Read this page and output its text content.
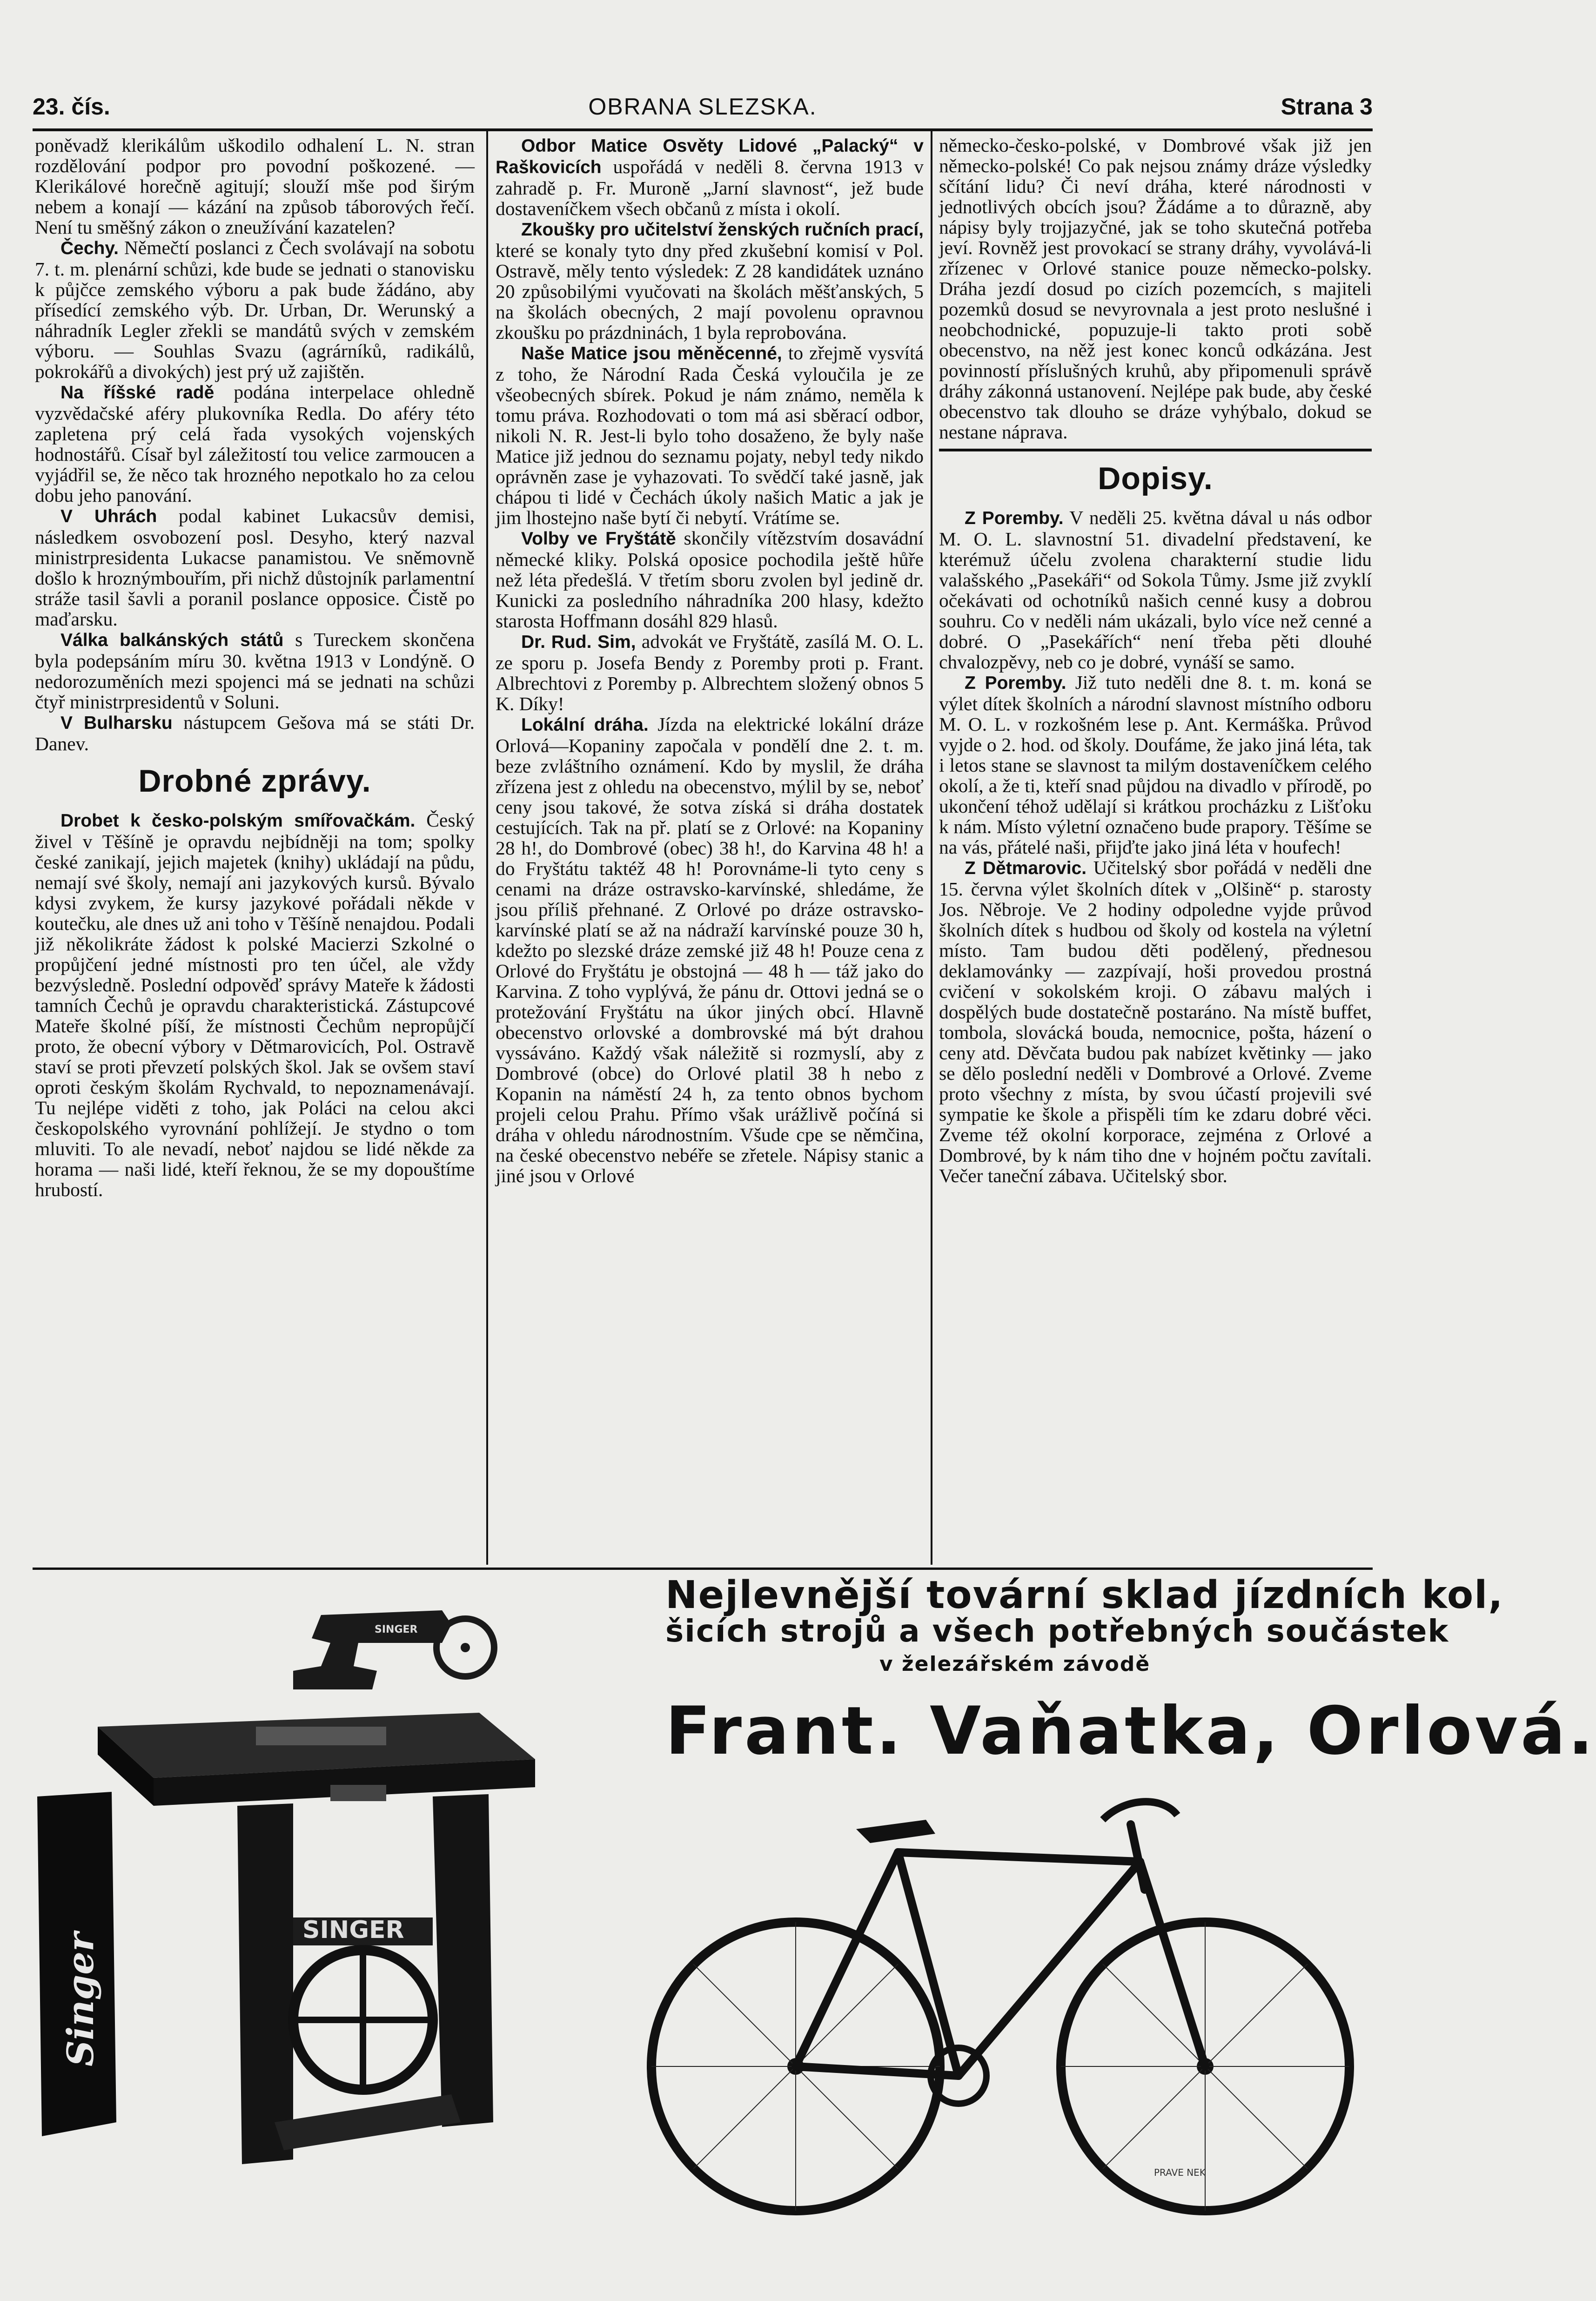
23. čís.	OBRANA SLEZSKA.	Strana 3

poněvadž klerikálům uškodilo odhalení L. N. stran rozdělování podpor pro povodní poškozené. — Klerikálové horečně agitují; slouží mše pod širým nebem a konají — kázání na způsob táborových řečí. Není tu směšný zákon o zneužívání kazatelen?

Čechy. Němečtí poslanci z Čech svolávají na sobotu 7. t. m. plenární schůzi, kde bude se jednati o stanovisku k půjčce zemského výboru a pak bude žádáno, aby přísedící zemského výb. Dr. Urban, Dr. Werunský a náhradník Legler zřekli se mandátů svých v zemském výboru. — Souhlas Svazu (agrárníků, radikálů, pokrokářů a divokých) jest prý už zajištěn.

Na říšské radě podána interpelace ohledně vyzvědačské aféry plukovníka Redla. Do aféry této zapletena prý celá řada vysokých vojenských hodnostářů. Císař byl záležitostí tou velice zarmoucen a vyjádřil se, že něco tak hrozného nepotkalo ho za celou dobu jeho panování.

V Uhrách podal kabinet Lukacsův demisi, následkem osvobození posl. Desyho, který nazval ministrpresidenta Lukacse panamistou. Ve sněmovně došlo k hroznýmbouřím, při nichž důstojník parlamentní stráže tasil šavli a poranil poslance opposice. Čistě po maďarsku.

Válka balkánských států s Tureckem skončena byla podepsáním míru 30. května 1913 v Londýně. O nedorozuměních mezi spojenci má se jednati na schůzi čtyř ministrpresidentů v Soluni.

V Bulharsku nástupcem Gešova má se státi Dr. Danev.

Drobné zprávy.

Drobet k česko-polským smířovačkám. Český živel v Těšíně je opravdu nejbídněji na tom; spolky české zanikají, jejich majetek (knihy) ukládají na půdu, nemají své školy, nemají ani jazykových kursů. Bývalo kdysi zvykem, že kursy jazykové pořádali někde v koutečku, ale dnes už ani toho v Těšíně nenajdou. Podali již několikráte žádost k polské Macierzi Szkolné o propůjčení jedné místnosti pro ten účel, ale vždy bezvýsledně. Poslední odpověď správy Mateře k žádosti tamních Čechů je opravdu charakteristická. Zástupcové Mateře školné píší, že místnosti Čechům nepropůjčí proto, že obecní výbory v Dětmarovicích, Pol. Ostravě staví se proti převzetí polských škol. Jak se ovšem staví oproti českým školám Rychvald, to nepoznamenávají. Tu nejlépe viděti z toho, jak Poláci na celou akci českopolského vyrovnání pohlížejí. Je stydno o tom mluviti. To ale nevadí, neboť najdou se lidé někde za horama — naši lidé, kteří řeknou, že se my dopouštíme hrubostí.

Odbor Matice Osvěty Lidové „Palacký“ v Raškovicích uspořádá v neděli 8. června 1913 v zahradě p. Fr. Muroně „Jarní slavnost“, jež bude dostaveníčkem všech občanů z místa i okolí.

Zkoušky pro učitelství ženských ručních prací, které se konaly tyto dny před zkušební komisí v Pol. Ostravě, měly tento výsledek: Z 28 kandidátek uznáno 20 způsobilými vyučovati na školách měšťanských, 5 na školách obecných, 2 mají povolenu opravnou zkoušku po prázdninách, 1 byla reprobována.

Naše Matice jsou měněcenné, to zřejmě vysvítá z toho, že Národní Rada Česká vyloučila je ze všeobecných sbírek. Pokud je nám známo, neměla k tomu práva. Rozhodovati o tom má asi sběrací odbor, nikoli N. R. Jest-li bylo toho dosaženo, že byly naše Matice již jednou do seznamu pojaty, nebyl tedy nikdo oprávněn zase je vyhazovati. To svědčí také jasně, jak chápou ti lidé v Čechách úkoly našich Matic a jak je jim lhostejno naše bytí či nebytí. Vrátíme se.

Volby ve Fryštátě skončily vítězstvím dosavádní německé kliky. Polská oposice pochodila ještě hůře než léta předešlá. V třetím sboru zvolen byl jedině dr. Kunicki za posledního náhradníka 200 hlasy, kdežto starosta Hoffmann dosáhl 829 hlasů.

Dr. Rud. Sim, advokát ve Fryštátě, zasílá M. O. L. ze sporu p. Josefa Bendy z Poremby proti p. Frant. Albrechtovi z Poremby p. Albrechtem složený obnos 5 K. Díky!

Lokální dráha. Jízda na elektrické lokální dráze Orlová—Kopaniny započala v pondělí dne 2. t. m. beze zvláštního oznámení. Kdo by myslil, že dráha zřízena jest z ohledu na obecenstvo, mýlil by se, neboť ceny jsou takové, že sotva získá si dráha dostatek cestujících. Tak na př. platí se z Orlové: na Kopaniny 28 h!, do Dombrové (obec) 38 h!, do Karvina 48 h! a do Fryštátu taktéž 48 h! Porovnáme-li tyto ceny s cenami na dráze ostravsko-karvínské, shledáme, že jsou příliš přehnané. Z Orlové po dráze ostravsko-karvínské platí se až na nádraží karvínské pouze 30 h, kdežto po slezské dráze zemské již 48 h! Pouze cena z Orlové do Fryštátu je obstojná — 48 h — táž jako do Karvina. Z toho vyplývá, že pánu dr. Ottovi jedná se o protežování Fryštátu na úkor jiných obcí. Hlavně obecenstvo orlovské a dombrovské má být drahou vyssáváno. Každý však náležitě si rozmyslí, aby z Dombrové (obce) do Orlové platil 38 h nebo z Kopanin na náměstí 24 h, za tento obnos bychom projeli celou Prahu. Přímo však urážlivě počíná si dráha v ohledu národnostním. Všude cpe se němčina, na české obecenstvo nebéře se zřetele. Nápisy stanic a jiné jsou v Orlové

německo-česko-polské, v Dombrové však již jen německo-polské! Co pak nejsou známy dráze výsledky sčítání lidu? Či neví dráha, které národnosti v jednotlivých obcích jsou? Žádáme a to důrazně, aby nápisy byly trojjazyčné, jak se toho skutečná potřeba jeví. Rovněž jest provokací se strany dráhy, vyvolává-li zřízenec v Orlové stanice pouze německo-polsky. Dráha jezdí dosud po cizích pozemcích, s majiteli pozemků dosud se nevyrovnala a jest proto neslušné i neobchodnické, popuzuje-li takto proti sobě obecenstvo, na něž jest konec konců odkázána. Jest povinností příslušných kruhů, aby připomenuli správě dráhy zákonná ustanovení. Nejlépe pak bude, aby české obecenstvo tak dlouho se dráze vyhýbalo, dokud se nestane náprava.

Dopisy.

Z Poremby. V neděli 25. května dával u nás odbor M. O. L. slavnostní 51. divadelní představení, ke kterémuž účelu zvolena charakterní studie lidu valašského „Pasekáři“ od Sokola Tůmy. Jsme již zvyklí očekávati od ochotníků našich cenné kusy a dobrou souhru. Co v neděli nám ukázali, bylo více než cenné a dobré. O „Pasekářích“ není třeba pěti dlouhé chvalozpěvy, neb co je dobré, vynáší se samo.

Z Poremby. Již tuto neděli dne 8. t. m. koná se výlet dítek školních a národní slavnost místního odboru M. O. L. v rozkošném lese p. Ant. Kermáška. Průvod vyjde o 2. hod. od školy. Doufáme, že jako jiná léta, tak i letos stane se slavnost ta milým dostaveníčkem celého okolí, a že ti, kteří snad půjdou na divadlo v přírodě, po ukončení téhož udělají si krátkou procházku z Lišťoku k nám. Místo výletní označeno bude prapory. Těšíme se na vás, přátelé naši, přijďte jako jiná léta v houfech!

Z Dětmarovic. Učitelský sbor pořádá v neděli dne 15. června výlet školních dítek v „Olšině“ p. starosty Jos. Něbroje. Ve 2 hodiny odpoledne vyjde průvod školních dítek s hudbou od školy od kostela na výletní místo. Tam budou děti podělený, přednesou deklamovánky — zazpívají, hoši provedou prostná cvičení v sokolském kroji. O zábavu malých i dospělých bude dostatečně postaráno. Na místě buffet, tombola, slovácká bouda, nemocnice, pošta, házení o ceny atd. Děvčata budou pak nabízet květinky — jako se dělo poslední neděli v Dombrové a Orlové. Zveme proto všechny z místa, by svou účastí projevili své sympatie ke škole a přispěli tím ke zdaru dobré věci. Zveme též okolní korporace, zejména z Orlové a Dombrové, by k nám tiho dne v hojném počtu zavítali. Večer taneční zábava. Učitelský sbor.

Nejlevnější tovární sklad jízdních kol,
šicích strojů a všech potřebných součástek
v železářském závodě
Frant. Vaňatka, Orlová.
SINGER
SINGER
Singer
PRAVE NEK
